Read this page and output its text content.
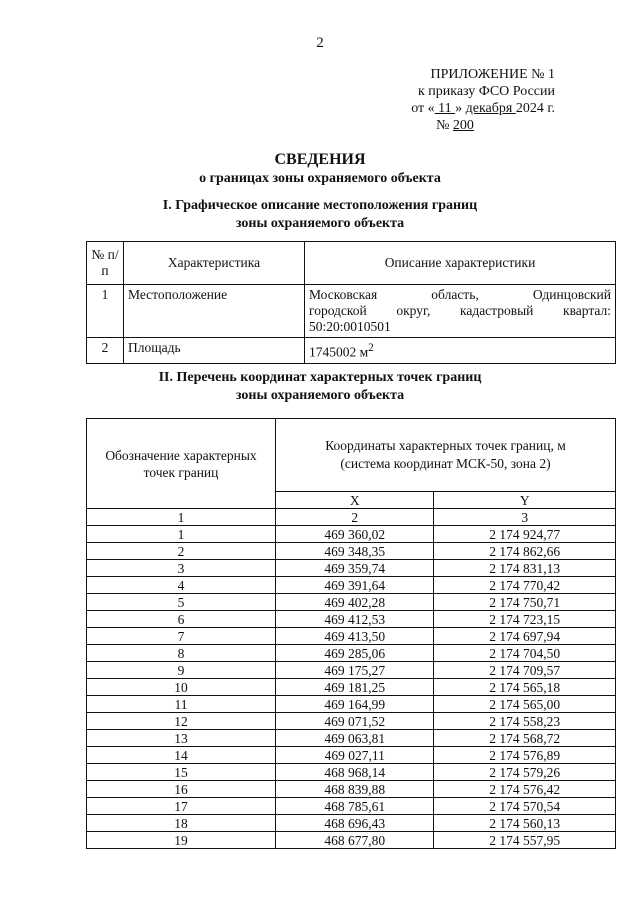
2
ПРИЛОЖЕНИЕ № 1
к приказу ФСО России
от « 11 » декабря 2024 г.
№ 200
СВЕДЕНИЯ
о границах зоны охраняемого объекта
I. Графическое описание местоположения границ
зоны охраняемого объекта
№ п/п	Характеристика	Описание характеристики
1	Местоположение	Московская область, Одинцовский
городской округ, кадастровый квартал:
50:20:0010501

2	Площадь	1745002 $м^2$
II. Перечень координат характерных точек границ
зоны охраняемого объекта
Обозначение характерных точек границ	Координаты характерных точек границ, м
(система координат МСК-50, зона 2)	

	X	Y
1	2	3
1	469 360,02	2 174 924,77
2	469 348,35	2 174 862,66
3	469 359,74	2 174 831,13
4	469 391,64	2 174 770,42
5	469 402,28	2 174 750,71
6	469 412,53	2 174 723,15
7	469 413,50	2 174 697,94
8	469 285,06	2 174 704,50
9	469 175,27	2 174 709,57
10	469 181,25	2 174 565,18
11	469 164,99	2 174 565,00
12	469 071,52	2 174 558,23
13	469 063,81	2 174 568,72
14	469 027,11	2 174 576,89
15	468 968,14	2 174 579,26
16	468 839,88	2 174 576,42
17	468 785,61	2 174 570,54
18	468 696,43	2 174 560,13
19	468 677,80	2 174 557,95
